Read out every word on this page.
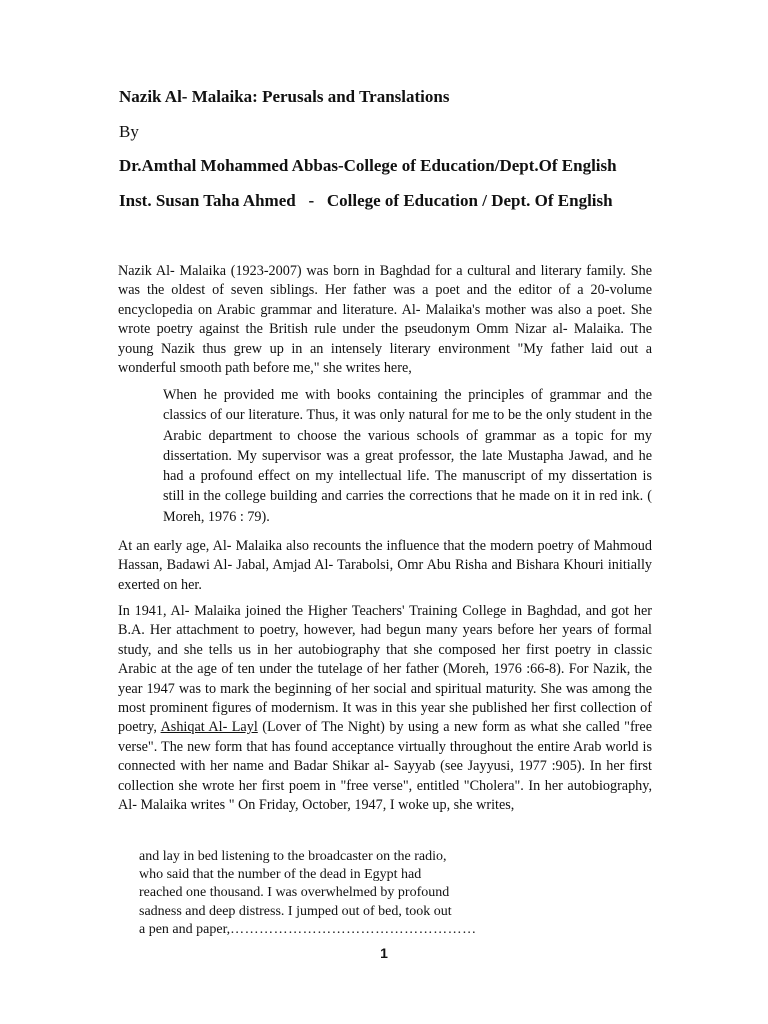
Nazik Al- Malaika: Perusals and Translations
By
Dr.Amthal Mohammed Abbas-College of Education/Dept.Of English
Inst. Susan Taha Ahmed   -   College of Education / Dept. Of English

Nazik Al- Malaika (1923-2007) was born in Baghdad for a cultural and literary family. She was the oldest of seven siblings. Her father was a poet and the editor of a 20-volume encyclopedia on Arabic grammar and literature. Al- Malaika's mother was also a poet. She wrote poetry against the British rule under the pseudonym Omm Nizar al- Malaika. The young Nazik thus grew up in an intensely literary environment "My father laid out a wonderful smooth path before me," she writes here,

When he provided me with books containing the principles of grammar and the classics of our literature. Thus, it was only natural for me to be the only student in the Arabic department to choose the various schools of grammar as a topic for my dissertation. My supervisor was a great professor, the late Mustapha Jawad, and he had a profound effect on my intellectual life. The manuscript of my dissertation is still in the college building and carries the corrections that he made on it in red ink. ( Moreh, 1976 : 79).

At an early age, Al- Malaika also recounts the influence that the modern poetry of Mahmoud Hassan, Badawi Al- Jabal, Amjad Al- Tarabolsi, Omr Abu Risha and Bishara Khouri initially exerted on her.

In 1941, Al- Malaika joined the Higher Teachers' Training College in Baghdad, and got her B.A. Her attachment to poetry, however, had begun many years before her years of formal study, and she tells us in her autobiography that she composed her first poetry in classic Arabic at the age of ten under the tutelage of her father (Moreh, 1976 :66-8). For Nazik, the year 1947 was to mark the beginning of her social and spiritual maturity. She was among the most prominent figures of modernism. It was in this year she published her first collection of poetry, Ashiqat Al- Layl (Lover of The Night) by using a new form as what she called "free verse". The new form that has found acceptance virtually throughout the entire Arab world is connected with her name and Badar Shikar al- Sayyab (see Jayyusi, 1977 :905). In her first collection she wrote her first poem in "free verse", entitled "Cholera". In her autobiography, Al- Malaika writes " On Friday, October, 1947, I woke up, she writes,

and lay in bed listening to the broadcaster on the radio,
who said that the number of the dead in Egypt had
reached one thousand. I was overwhelmed by profound
sadness and deep distress. I jumped out of bed, took out
a pen and paper,……………………………………………
1
